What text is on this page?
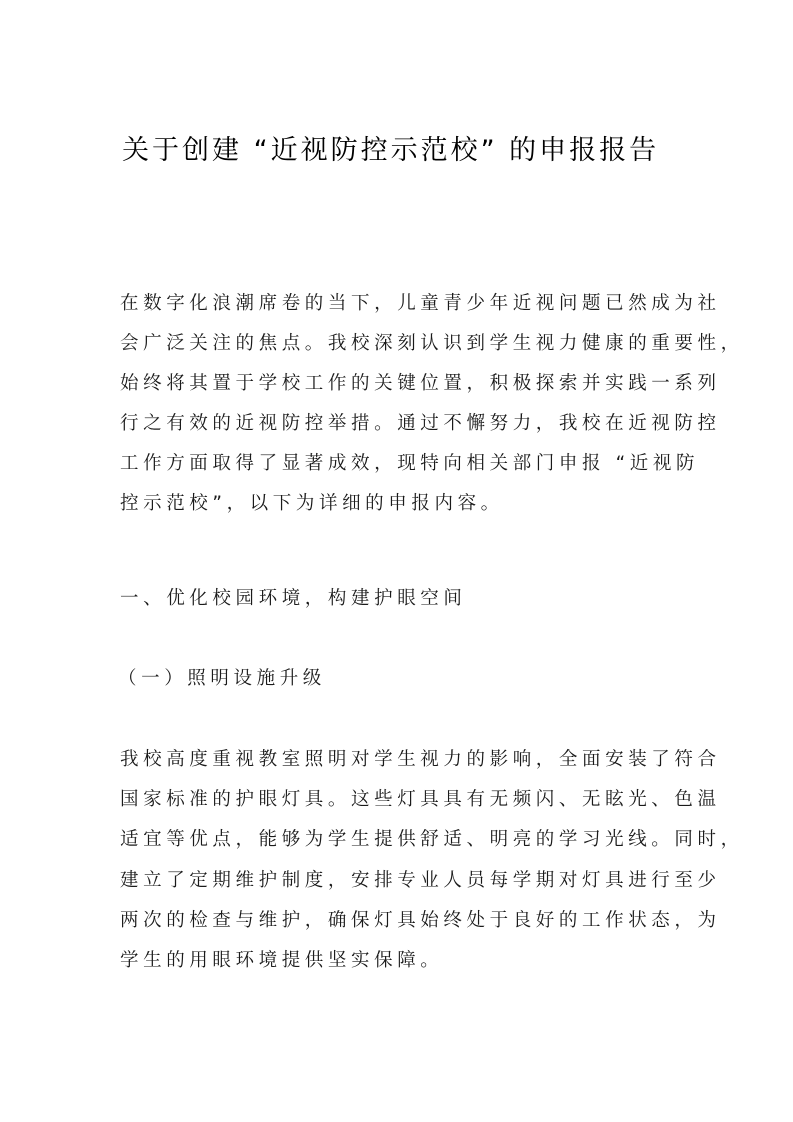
关于创建 “近视防控示范校” 的申报报告
在数字化浪潮席卷的当下，儿童青少年近视问题已然成为社
会广泛关注的焦点。我校深刻认识到学生视力健康的重要性，
始终将其置于学校工作的关键位置，积极探索并实践一系列
行之有效的近视防控举措。通过不懈努力，我校在近视防控
工作方面取得了显著成效，现特向相关部门申报 “近视防
控示范校”，以下为详细的申报内容。
一、优化校园环境，构建护眼空间
（一）照明设施升级
我校高度重视教室照明对学生视力的影响，全面安装了符合
国家标准的护眼灯具。这些灯具具有无频闪、无眩光、色温
适宜等优点，能够为学生提供舒适、明亮的学习光线。同时，
建立了定期维护制度，安排专业人员每学期对灯具进行至少
两次的检查与维护，确保灯具始终处于良好的工作状态，为
学生的用眼环境提供坚实保障。
